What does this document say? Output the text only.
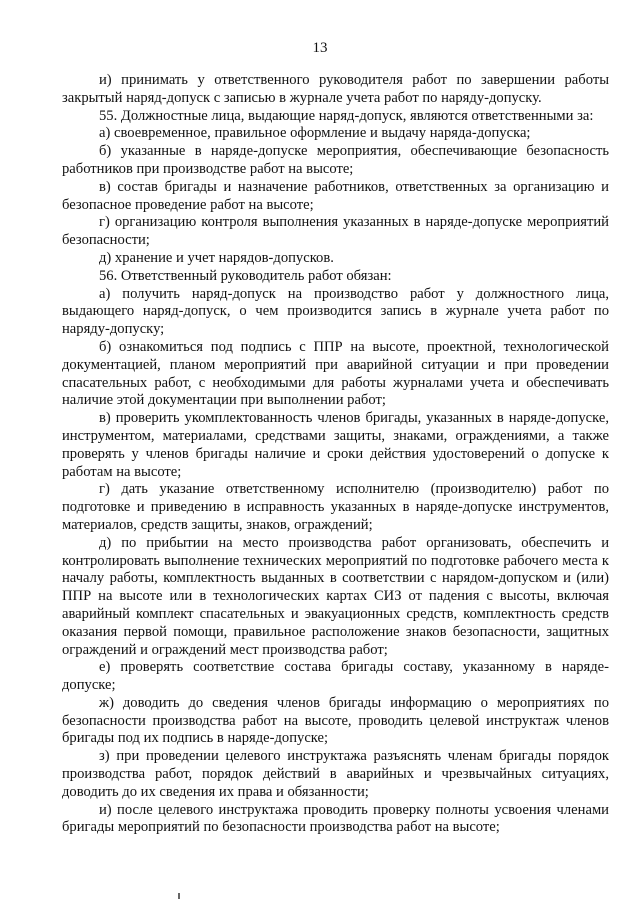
13

и) принимать у ответственного руководителя работ по завершении работы закрытый наряд-допуск с записью в журнале учета работ по наряду-допуску.

55. Должностные лица, выдающие наряд-допуск, являются ответственными за:

а) своевременное, правильное оформление и выдачу наряда-допуска;

б) указанные в наряде-допуске мероприятия, обеспечивающие безопасность работников при производстве работ на высоте;

в) состав бригады и назначение работников, ответственных за организацию и безопасное проведение работ на высоте;

г) организацию контроля выполнения указанных в наряде-допуске мероприятий безопасности;

д) хранение и учет нарядов-допусков.

56. Ответственный руководитель работ обязан:

а) получить наряд-допуск на производство работ у должностного лица, выдающего наряд-допуск, о чем производится запись в журнале учета работ по наряду-допуску;

б) ознакомиться под подпись с ППР на высоте, проектной, технологической документацией, планом мероприятий при аварийной ситуации и при проведении спасательных работ, с необходимыми для работы журналами учета и обеспечивать наличие этой документации при выполнении работ;

в) проверить укомплектованность членов бригады, указанных в наряде-допуске, инструментом, материалами, средствами защиты, знаками, ограждениями, а также проверять у членов бригады наличие и сроки действия удостоверений о допуске к работам на высоте;

г) дать указание ответственному исполнителю (производителю) работ по подготовке и приведению в исправность указанных в наряде-допуске инструментов, материалов, средств защиты, знаков, ограждений;

д) по прибытии на место производства работ организовать, обеспечить и контролировать выполнение технических мероприятий по подготовке рабочего места к началу работы, комплектность выданных в соответствии с нарядом-допуском и (или) ППР на высоте или в технологических картах СИЗ от падения с высоты, включая аварийный комплект спасательных и эвакуационных средств, комплектность средств оказания первой помощи, правильное расположение знаков безопасности, защитных ограждений и ограждений мест производства работ;

е) проверять соответствие состава бригады составу, указанному в наряде-допуске;

ж) доводить до сведения членов бригады информацию о мероприятиях по безопасности производства работ на высоте, проводить целевой инструктаж членов бригады под их подпись в наряде-допуске;

з) при проведении целевого инструктажа разъяснять членам бригады порядок производства работ, порядок действий в аварийных и чрезвычайных ситуациях, доводить до их сведения их права и обязанности;

и) после целевого инструктажа проводить проверку полноты усвоения членами бригады мероприятий по безопасности производства работ на высоте;
